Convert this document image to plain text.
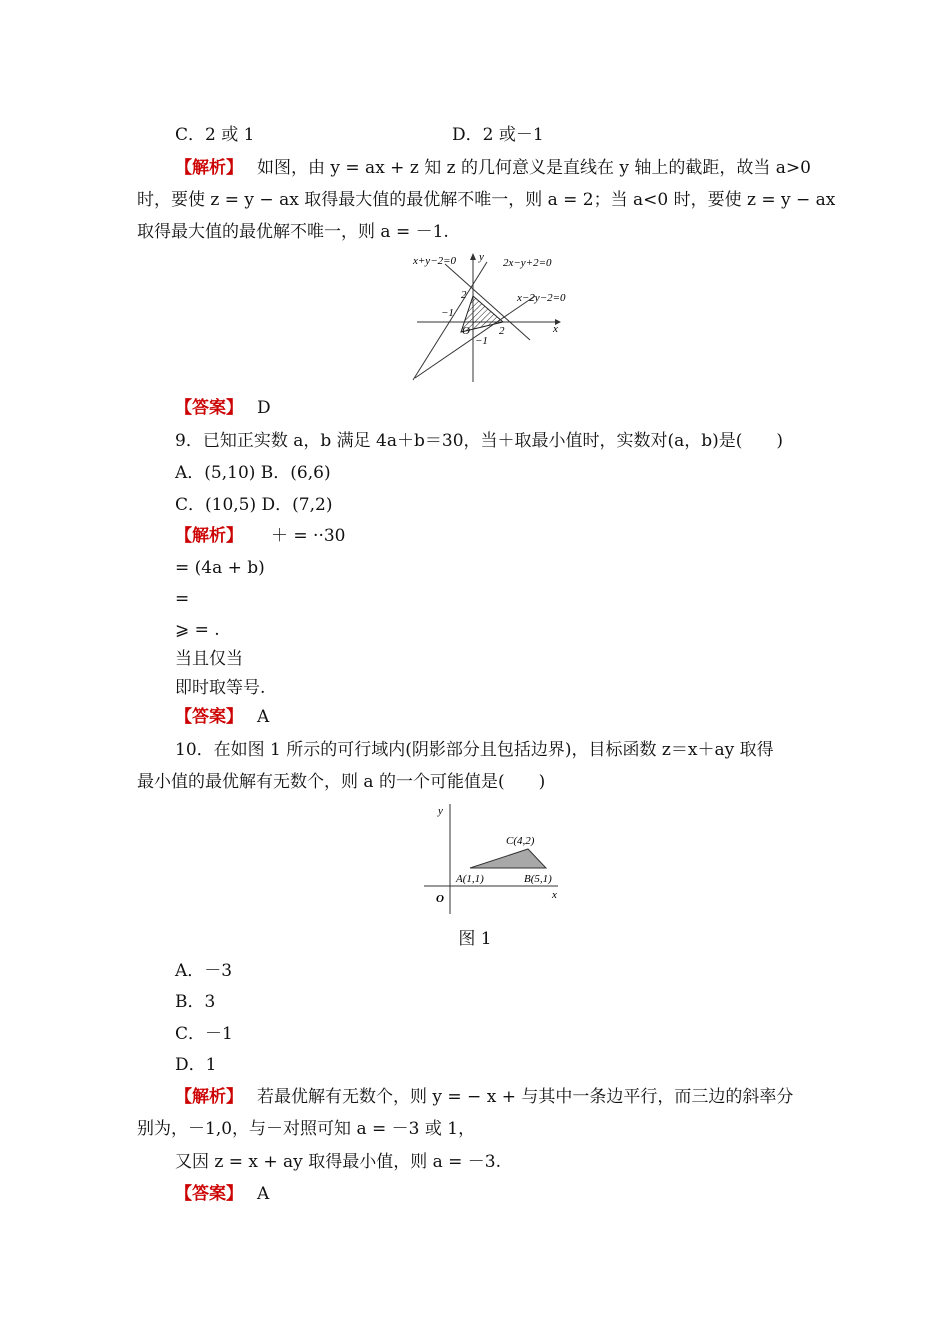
C．2 或 1	D．2 或－1
【解析】 如图，由 y = ax + z 知 z 的几何意义是直线在 y 轴上的截距，故当 a>0
时，要使 z = y − ax 取得最大值的最优解不唯一，则 a = 2；当 a<0 时，要使 z = y − ax
取得最大值的最优解不唯一，则 a = －1.
x+y−2=0 y 2x−y+2=0
x−2y−2=0
2
−1
O	2
−1
x
【答案】 D
9．已知正实数 a，b 满足 4a＋b＝30，当＋取最小值时，实数对(a，b)是(　　)
A．(5,10) B．(6,6)
C．(10,5) D．(7,2)
【解析】 ＋ = ··30
= (4a + b)
=
⩾ = .
当且仅当
即时取等号.
【答案】 A
10．在如图 1 所示的可行域内(阴影部分且包括边界)，目标函数 z＝x＋ay 取得
最小值的最优解有无数个，则 a 的一个可能值是(　　)
y
C(4,2)
A(1,1)	B(5,1)
O	x
图 1
A．－3
B．3
C．－1
D．1
【解析】 若最优解有无数个，则 y = − x + 与其中一条边平行，而三边的斜率分
别为，－1,0，与－对照可知 a = －3 或 1，
又因 z = x + ay 取得最小值，则 a = －3.
【答案】 A
